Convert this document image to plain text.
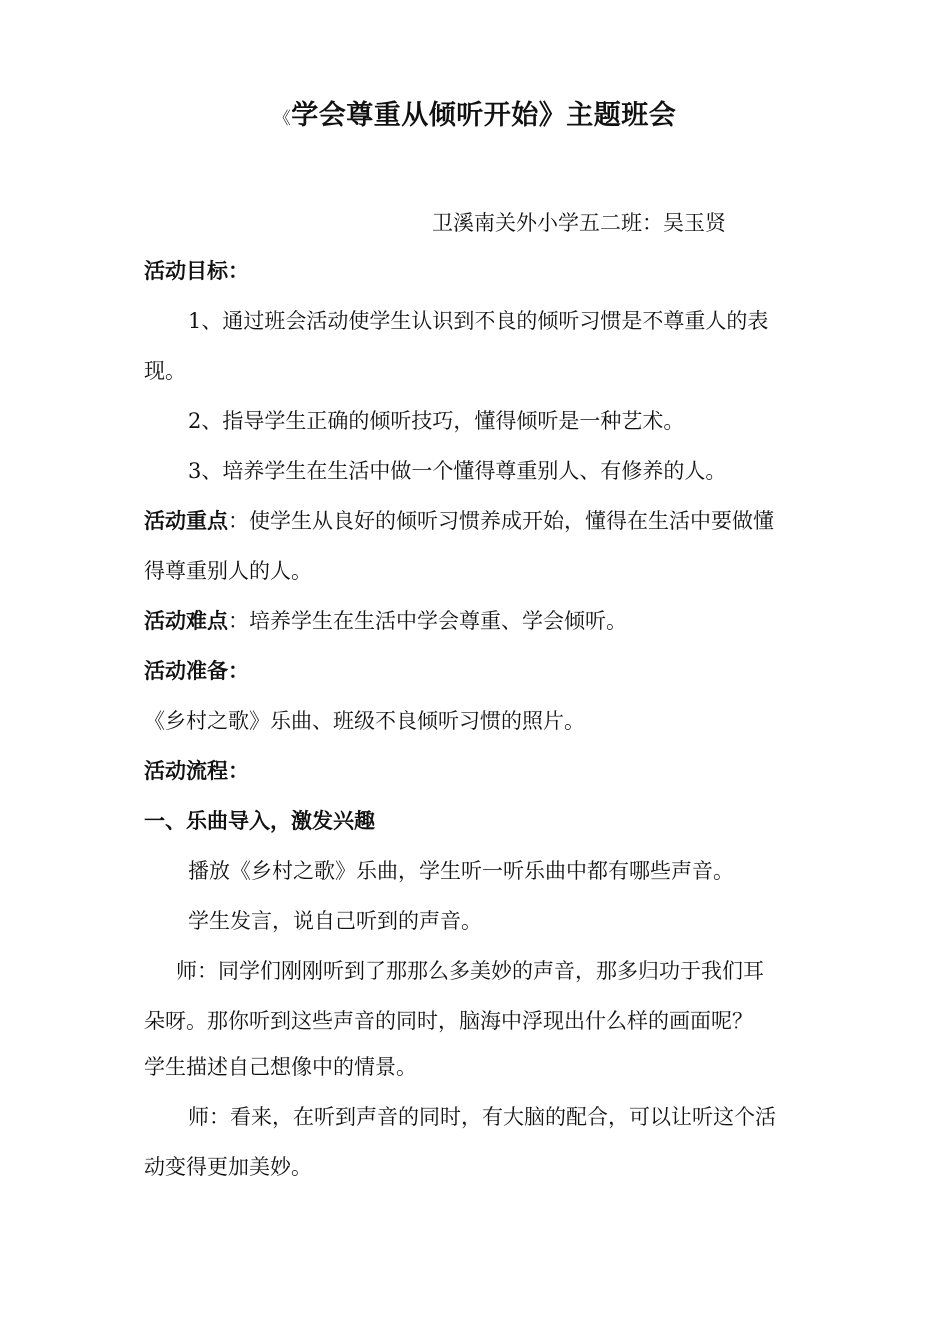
《学会尊重从倾听开始》主题班会
卫溪南关外小学五二班：吴玉贤
活动目标：
1、通过班会活动使学生认识到不良的倾听习惯是不尊重人的表
现。
2、指导学生正确的倾听技巧，懂得倾听是一种艺术。
3、培养学生在生活中做一个懂得尊重别人、有修养的人。
活动重点：使学生从良好的倾听习惯养成开始，懂得在生活中要做懂
得尊重别人的人。
活动难点：培养学生在生活中学会尊重、学会倾听。
活动准备：
《乡村之歌》乐曲、班级不良倾听习惯的照片。
活动流程：
一、乐曲导入，激发兴趣
播放《乡村之歌》乐曲，学生听一听乐曲中都有哪些声音。
学生发言，说自己听到的声音。
师：同学们刚刚听到了那那么多美妙的声音，那多归功于我们耳
朵呀。那你听到这些声音的同时，脑海中浮现出什么样的画面呢？
学生描述自己想像中的情景。
师：看来，在听到声音的同时，有大脑的配合，可以让听这个活
动变得更加美妙。
